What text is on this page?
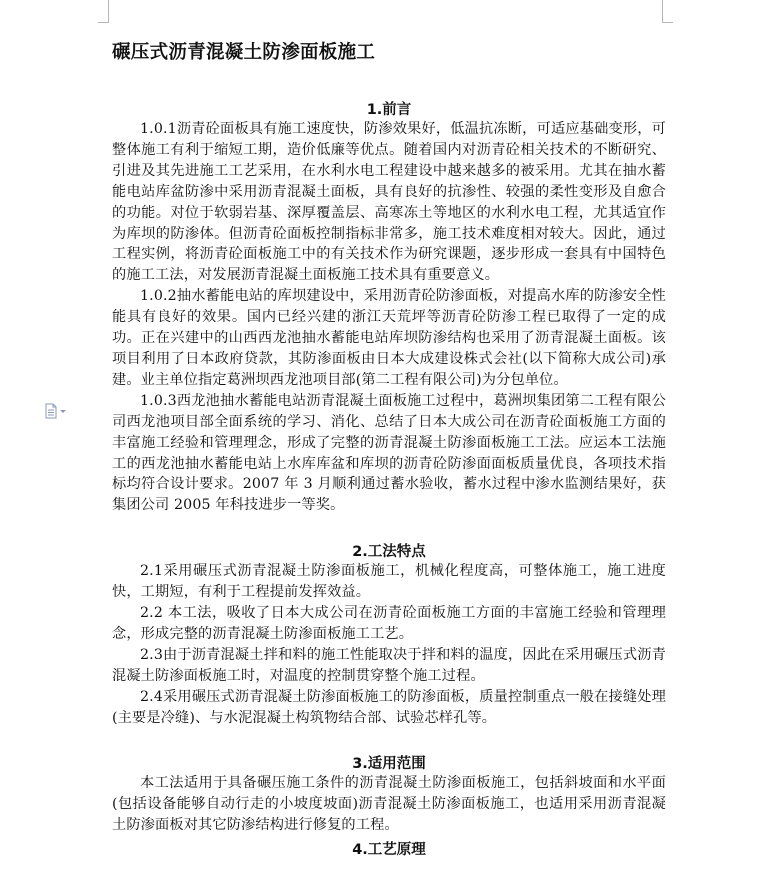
碾压式沥青混凝土防渗面板施工
1.前言

1.0.1沥青砼面板具有施工速度快，防渗效果好，低温抗冻断，可适应基础变形，可整体施工有利于缩短工期，造价低廉等优点。随着国内对沥青砼相关技术的不断研究、引进及其先进施工工艺采用，在水利水电工程建设中越来越多的被采用。尤其在抽水蓄能电站库盆防渗中采用沥青混凝土面板，具有良好的抗渗性、较强的柔性变形及自愈合的功能。对位于软弱岩基、深厚覆盖层、高寒冻土等地区的水利水电工程，尤其适宜作为库坝的防渗体。但沥青砼面板控制指标非常多，施工技术难度相对较大。因此，通过工程实例，将沥青砼面板施工中的有关技术作为研究课题，逐步形成一套具有中国特色的施工工法，对发展沥青混凝土面板施工技术具有重要意义。

1.0.2抽水蓄能电站的库坝建设中，采用沥青砼防渗面板，对提高水库的防渗安全性能具有良好的效果。国内已经兴建的浙江天荒坪等沥青砼防渗工程已取得了一定的成功。正在兴建中的山西西龙池抽水蓄能电站库坝防渗结构也采用了沥青混凝土面板。该项目利用了日本政府贷款，其防渗面板由日本大成建设株式会社(以下简称大成公司)承建。业主单位指定葛洲坝西龙池项目部(第二工程有限公司)为分包单位。

1.0.3西龙池抽水蓄能电站沥青混凝土面板施工过程中，葛洲坝集团第二工程有限公司西龙池项目部全面系统的学习、消化、总结了日本大成公司在沥青砼面板施工方面的丰富施工经验和管理理念，形成了完整的沥青混凝土防渗面板施工工法。应运本工法施工的西龙池抽水蓄能电站上水库库盆和库坝的沥青砼防渗面面板质量优良，各项技术指标均符合设计要求。2007 年 3 月顺利通过蓄水验收，蓄水过程中渗水监测结果好，获集团公司 2005 年科技进步一等奖。

2.工法特点

2.1采用碾压式沥青混凝土防渗面板施工，机械化程度高，可整体施工，施工进度快，工期短，有利于工程提前发挥效益。

2.2 本工法，吸收了日本大成公司在沥青砼面板施工方面的丰富施工经验和管理理念，形成完整的沥青混凝土防渗面板施工工艺。

2.3由于沥青混凝土拌和料的施工性能取决于拌和料的温度，因此在采用碾压式沥青混凝土防渗面板施工时，对温度的控制贯穿整个施工过程。

2.4采用碾压式沥青混凝土防渗面板施工的防渗面板，质量控制重点一般在接缝处理(主要是冷缝)、与水泥混凝土构筑物结合部、试验芯样孔等。

3.适用范围

本工法适用于具备碾压施工条件的沥青混凝土防渗面板施工，包括斜坡面和水平面(包括设备能够自动行走的小坡度坡面)沥青混凝土防渗面板施工，也适用采用沥青混凝土防渗面板对其它防渗结构进行修复的工程。

4.工艺原理
